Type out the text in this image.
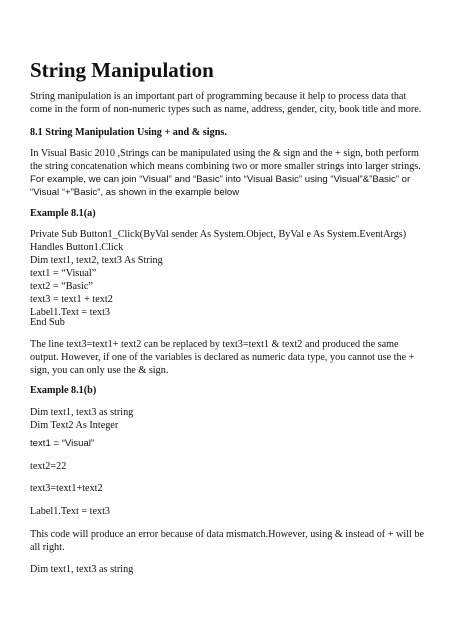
String Manipulation

String manipulation is an important part of programming because it help to process data that
come in the form of non-numeric types such as name, address, gender, city, book title and more.

8.1 String Manipulation Using + and & signs.

In Visual Basic 2010 ,Strings can be manipulated using the & sign and the + sign, both perform
the string concatenation which means combining two or more smaller strings into larger strings.
For example, we can join “Visual” and “Basic” into “Visual Basic” using “Visual”&”Basic” or
“Visual “+”Basic”, as shown in the example below

Example 8.1(a)

Private Sub Button1_Click(ByVal sender As System.Object, ByVal e As System.EventArgs)
Handles Button1.Click
Dim text1, text2, text3 As String
text1 = “Visual”
text2 = “Basic”
text3 = text1 + text2
Label1.Text = text3

End Sub

The line text3=text1+ text2 can be replaced by text3=text1 & text2 and produced the same
output. However, if one of the variables is declared as numeric data type, you cannot use the +
sign, you can only use the & sign.

Example 8.1(b)

Dim text1, text3 as string
Dim Text2 As Integer

text1 = “Visual”

text2=22

text3=text1+text2

Label1.Text = text3

This code will produce an error because of data mismatch.However, using & instead of + will be
all right.

Dim text1, text3 as string
